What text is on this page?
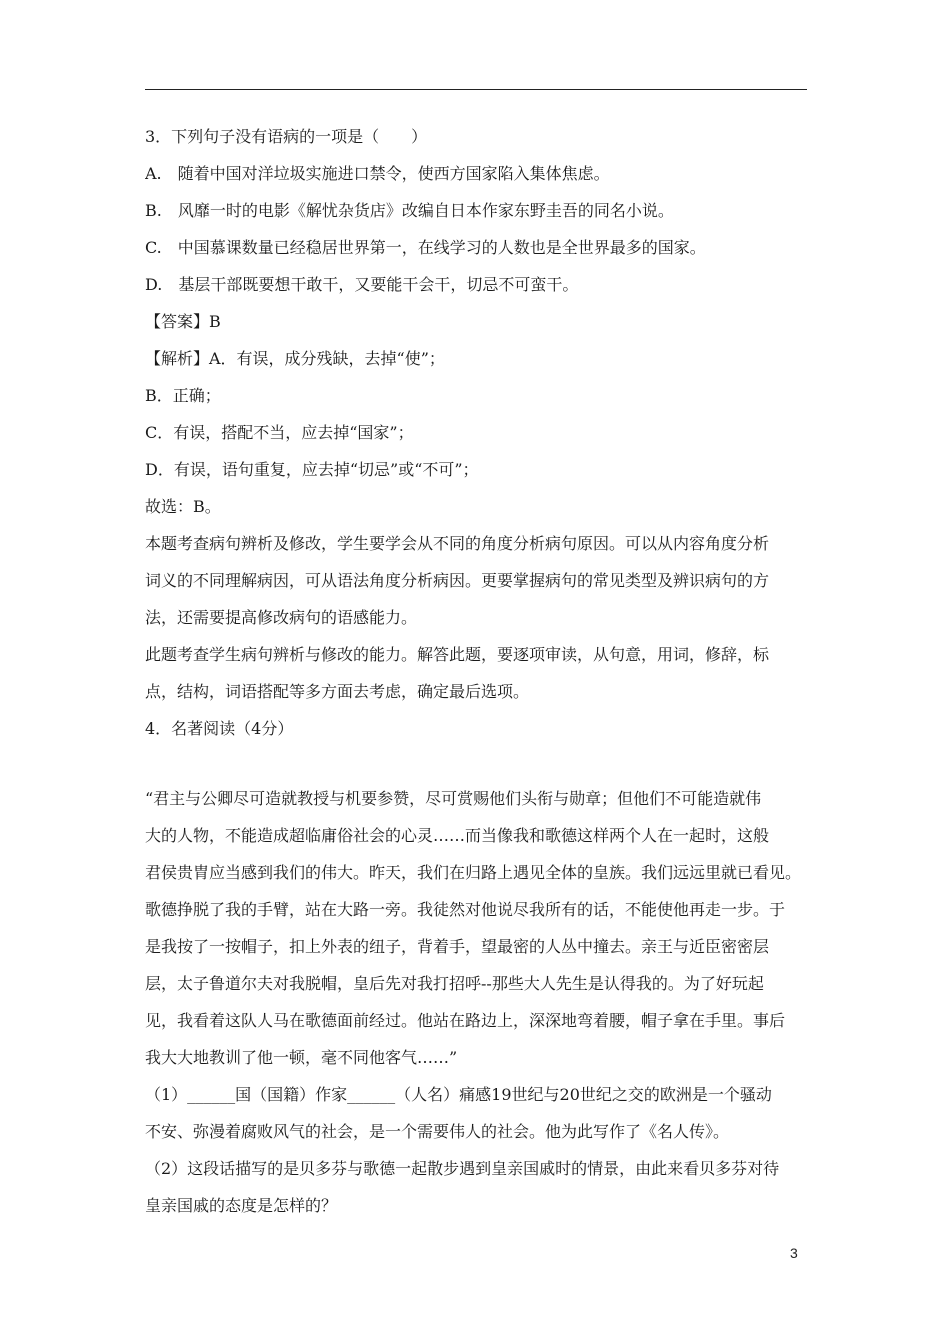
3．下列句子没有语病的一项是（　　）
A.　随着中国对洋垃圾实施进口禁令，使西方国家陷入集体焦虑。
B.　风靡一时的电影《解忧杂货店》改编自日本作家东野圭吾的同名小说。
C.　中国慕课数量已经稳居世界第一，在线学习的人数也是全世界最多的国家。
D.　基层干部既要想干敢干，又要能干会干，切忌不可蛮干。
【答案】B
【解析】A．有误，成分残缺，去掉“使”；
B．正确；
C．有误，搭配不当，应去掉“国家”；
D．有误，语句重复，应去掉“切忌”或“不可”；
故选：B。
本题考查病句辨析及修改，学生要学会从不同的角度分析病句原因。可以从内容角度分析
词义的不同理解病因，可从语法角度分析病因。更要掌握病句的常见类型及辨识病句的方
法，还需要提高修改病句的语感能力。
此题考查学生病句辨析与修改的能力。解答此题，要逐项审读，从句意，用词，修辞，标
点，结构，词语搭配等多方面去考虑，确定最后选项。
4．名著阅读（4分）
“君主与公卿尽可造就教授与机要参赞，尽可赏赐他们头衔与勋章；但他们不可能造就伟
大的人物，不能造成超临庸俗社会的心灵……而当像我和歌德这样两个人在一起时，这般
君侯贵胄应当感到我们的伟大。昨天，我们在归路上遇见全体的皇族。我们远远里就已看见。
歌德挣脱了我的手臂，站在大路一旁。我徒然对他说尽我所有的话，不能使他再走一步。于
是我按了一按帽子，扣上外表的纽子，背着手，望最密的人丛中撞去。亲王与近臣密密层
层，太子鲁道尔夫对我脱帽，皇后先对我打招呼--那些大人先生是认得我的。为了好玩起
见，我看着这队人马在歌德面前经过。他站在路边上，深深地弯着腰，帽子拿在手里。事后
我大大地教训了他一顿，毫不同他客气……”
（1）______国（国籍）作家______（人名）痛感19世纪与20世纪之交的欧洲是一个骚动
不安、弥漫着腐败风气的社会，是一个需要伟人的社会。他为此写作了《名人传》。
（2）这段话描写的是贝多芬与歌德一起散步遇到皇亲国戚时的情景，由此来看贝多芬对待
皇亲国戚的态度是怎样的？
3
